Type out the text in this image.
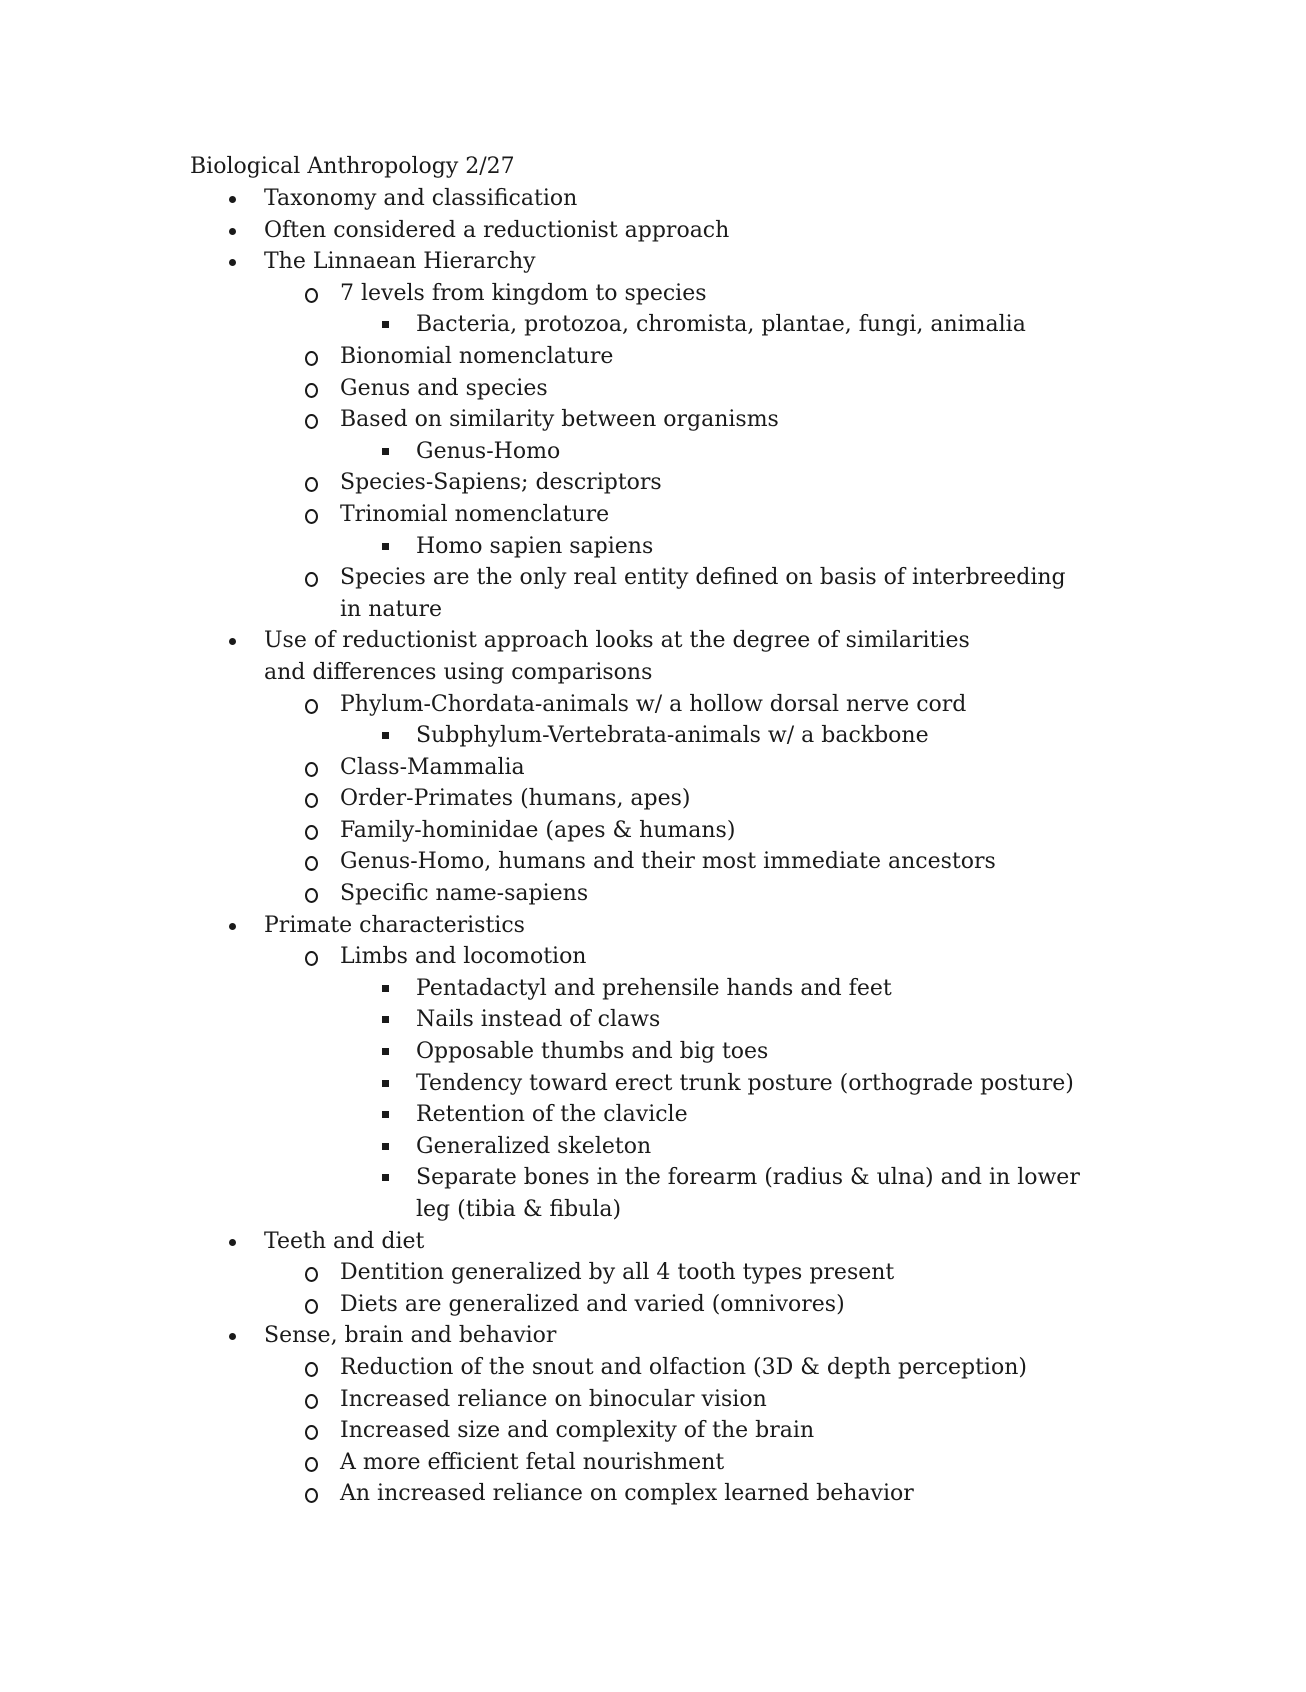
Biological Anthropology 2/27
Taxonomy and classification
Often considered a reductionist approach
The Linnaean Hierarchy
7 levels from kingdom to species
Bacteria, protozoa, chromista, plantae, fungi, animalia
Bionomial nomenclature
Genus and species
Based on similarity between organisms
Genus-Homo
Species-Sapiens; descriptors
Trinomial nomenclature
Homo sapien sapiens
Species are the only real entity defined on basis of interbreeding in nature
Use of reductionist approach looks at the degree of similarities and differences using comparisons
Phylum-Chordata-animals w/ a hollow dorsal nerve cord
Subphylum-Vertebrata-animals w/ a backbone
Class-Mammalia
Order-Primates (humans, apes)
Family-hominidae (apes & humans)
Genus-Homo, humans and their most immediate ancestors
Specific name-sapiens
Primate characteristics
Limbs and locomotion
Pentadactyl and prehensile hands and feet
Nails instead of claws
Opposable thumbs and big toes
Tendency toward erect trunk posture (orthograde posture)
Retention of the clavicle
Generalized skeleton
Separate bones in the forearm (radius & ulna) and in lower leg (tibia & fibula)
Teeth and diet
Dentition generalized by all 4 tooth types present
Diets are generalized and varied (omnivores)
Sense, brain and behavior
Reduction of the snout and olfaction (3D & depth perception)
Increased reliance on binocular vision
Increased size and complexity of the brain
A more efficient fetal nourishment
An increased reliance on complex learned behavior
